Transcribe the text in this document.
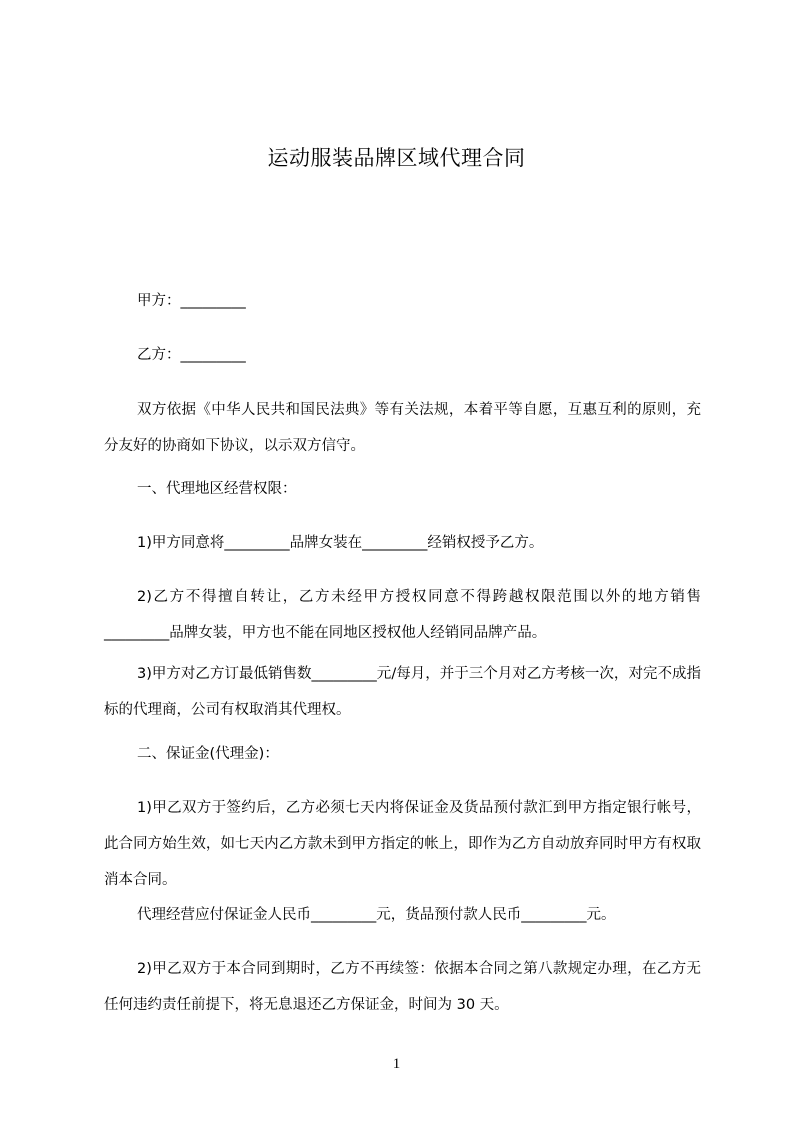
运动服装品牌区域代理合同
甲方：_________
乙方：_________
双方依据《中华人民共和国民法典》等有关法规，本着平等自愿，互惠互利的原则，充分友好的协商如下协议，以示双方信守。
一、代理地区经营权限：
1)甲方同意将_________品牌女装在_________经销权授予乙方。
2)乙方不得擅自转让，乙方未经甲方授权同意不得跨越权限范围以外的地方销售_________品牌女装，甲方也不能在同地区授权他人经销同品牌产品。
3)甲方对乙方订最低销售数_________元/每月，并于三个月对乙方考核一次，对完不成指标的代理商，公司有权取消其代理权。
二、保证金(代理金)：
1)甲乙双方于签约后，乙方必须七天内将保证金及货品预付款汇到甲方指定银行帐号，此合同方始生效，如七天内乙方款未到甲方指定的帐上，即作为乙方自动放弃同时甲方有权取消本合同。
代理经营应付保证金人民币_________元，货品预付款人民币_________元。
2)甲乙双方于本合同到期时，乙方不再续签：依据本合同之第八款规定办理，在乙方无任何违约责任前提下，将无息退还乙方保证金，时间为 30 天。
1
